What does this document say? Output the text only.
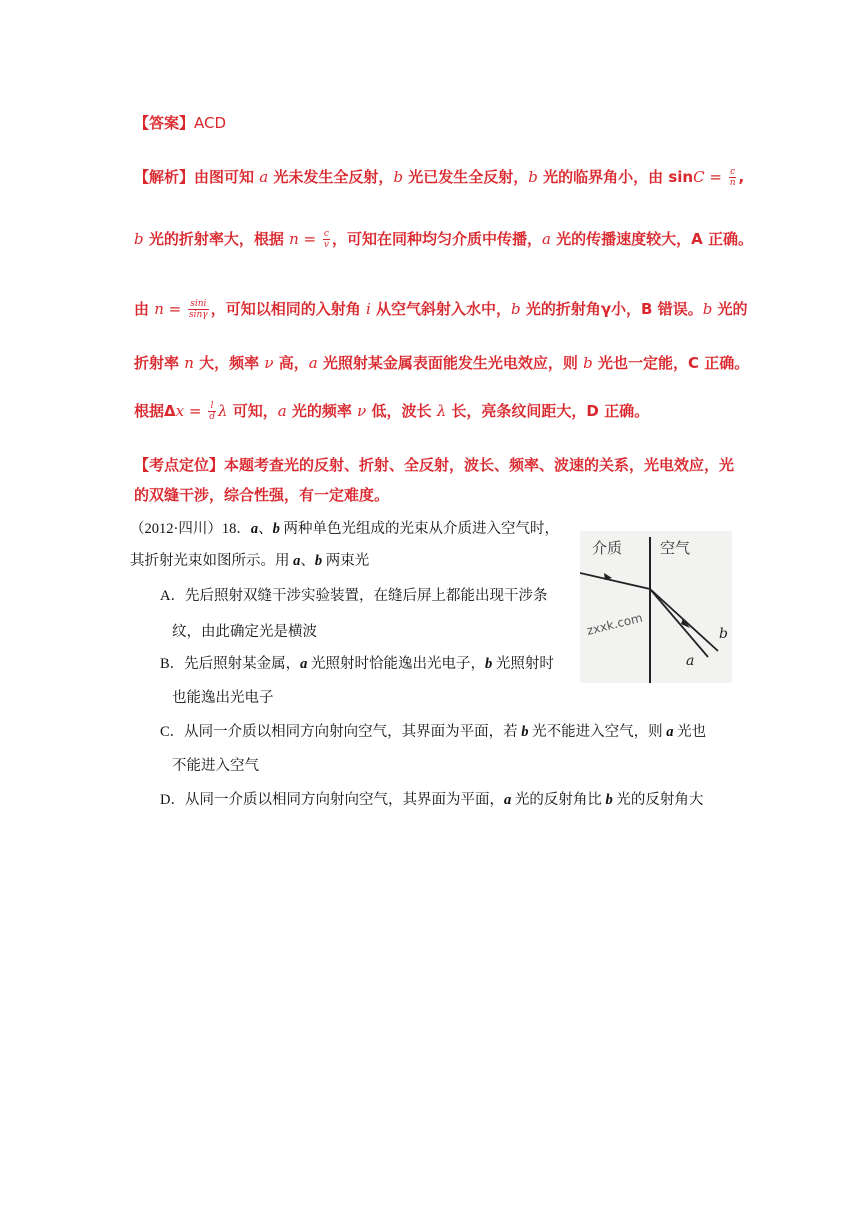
【答案】ACD
【解析】由图可知 a 光未发生全反射，b 光已发生全反射，b 光的临界角小，由 $\sin C = \frac{c}{n}$ ,
b 光的折射率大，根据 $n = \frac{c}{v}$ ，可知在同种均匀介质中传播，a 光的传播速度较大，A 正确。
由 $n = \frac{\sin i}{\sin\gamma}$ ，可知以相同的入射角 i 从空气斜射入水中，b 光的折射角γ小，B 错误。b 光的
折射率 n 大，频率 ν 高，a 光照射某金属表面能发生光电效应，则 b 光也一定能，C 正确。
根据$\Delta x = \frac{l}{d}$ λ 可知，a 光的频率 ν 低，波长 λ 长，亮条纹间距大，D 正确。
【考点定位】本题考查光的反射、折射、全反射，波长、频率、波速的关系，光电效应，光
的双缝干涉，综合性强，有一定难度。
（2012·四川）18．a、b 两种单色光组成的光束从介质进入空气时，
其折射光束如图所示。用 a、b 两束光
A．先后照射双缝干涉实验装置，在缝后屏上都能出现干涉条
纹，由此确定光是横波
B．先后照射某金属，a 光照射时恰能逸出光电子，b 光照射时
也能逸出光电子
C．从同一介质以相同方向射向空气，其界面为平面，若 b 光不能进入空气，则 a 光也
不能进入空气
D．从同一介质以相同方向射向空气，其界面为平面，a 光的反射角比 b 光的反射角大
介质	空气
zxxk.com	b
a
